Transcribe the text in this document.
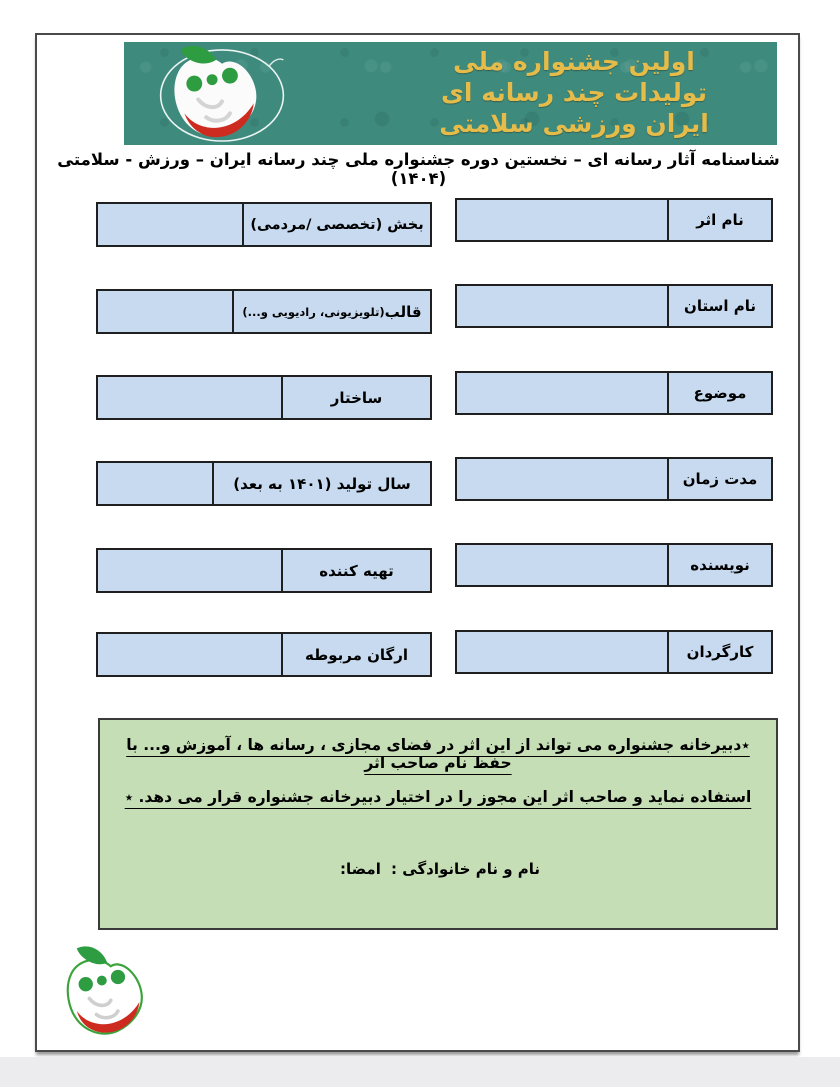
اولین جشنواره ملی
تولیدات چند رسانه ای
ایران ورزشی سلامتی
شناسنامه آثار رسانه ای – نخستین دوره جشنواره ملی چند رسانه ایران – ورزش - سلامتی (۱۴۰۴)
نام اثر
نام استان
موضوع
مدت زمان
نویسنده
کارگردان
بخش (تخصصی /مردمی)
قالب
(تلویزیونی، رادیویی و...)
ساختار
سال تولید (۱۴۰۱ به بعد)
تهیه کننده
ارگان مربوطه

٭دبیرخانه جشنواره می تواند از این اثر در فضای مجازی ، رسانه ها ، آموزش و... با حفظ نام صاحب اثر

استفاده نماید و صاحب اثر این مجوز را در اختیار دبیرخانه جشنواره قرار می دهد. ٭

نام و نام خانوادگی :
امضا:
